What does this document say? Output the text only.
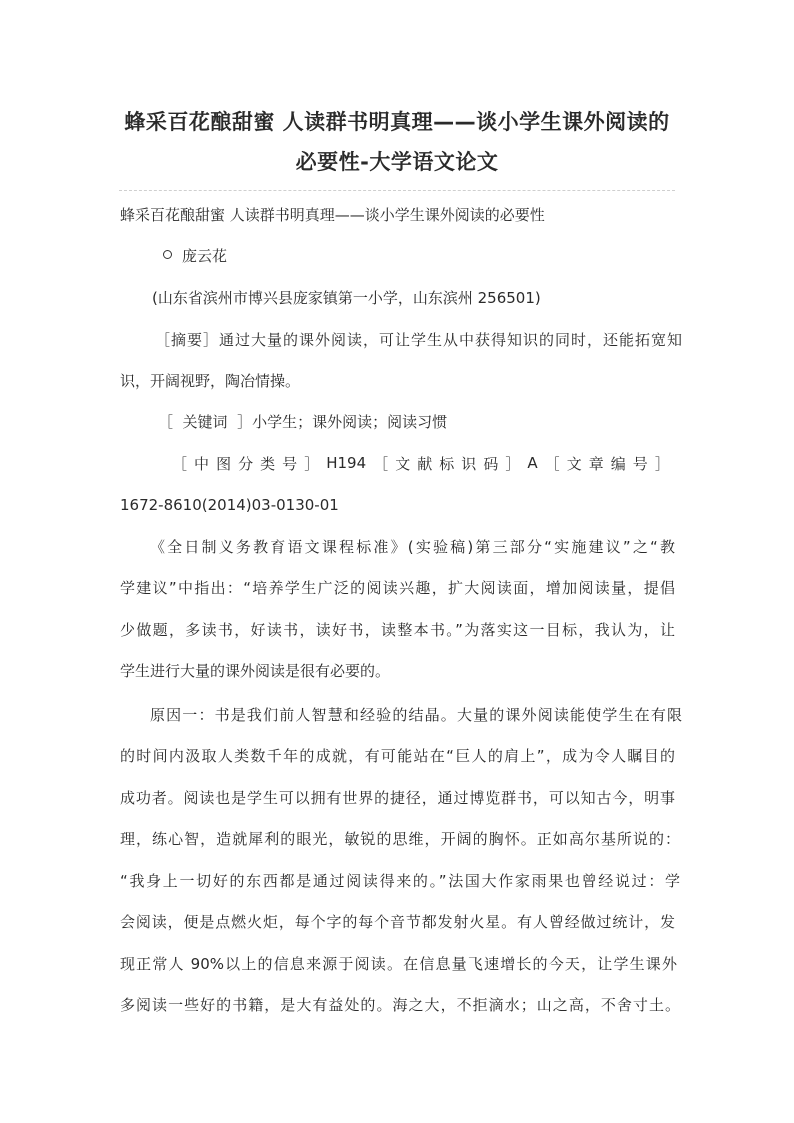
蜂采百花酿甜蜜 人读群书明真理——谈小学生课外阅读的
必要性-大学语文论文
蜂采百花酿甜蜜 人读群书明真理——谈小学生课外阅读的必要性
庞云花
(山东省滨州市博兴县庞家镇第一小学，山东滨州 256501)
［摘要］通过大量的课外阅读，可让学生从中获得知识的同时，还能拓宽知
识，开阔视野，陶冶情操。
［  关键词  ］小学生；课外阅读；阅读习惯
［ 中 图 分 类 号 ］ H194 ［ 文 献 标 识 码 ］ A ［ 文 章 编 号 ］
1672-8610(2014)03-0130-01
《全日制义务教育语文课程标准》(实验稿)第三部分“实施建议”之“教
学建议”中指出：“培养学生广泛的阅读兴趣，扩大阅读面，增加阅读量，提倡
少做题，多读书，好读书，读好书，读整本书。”为落实这一目标，我认为，让
学生进行大量的课外阅读是很有必要的。
原因一：书是我们前人智慧和经验的结晶。大量的课外阅读能使学生在有限
的时间内汲取人类数千年的成就，有可能站在“巨人的肩上”，成为令人瞩目的
成功者。阅读也是学生可以拥有世界的捷径，通过博览群书，可以知古今，明事
理，练心智，造就犀利的眼光，敏锐的思维，开阔的胸怀。正如高尔基所说的：
“我身上一切好的东西都是通过阅读得来的。”法国大作家雨果也曾经说过：学
会阅读，便是点燃火炬，每个字的每个音节都发射火星。有人曾经做过统计，发
现正常人 90%以上的信息来源于阅读。在信息量飞速增长的今天，让学生课外
多阅读一些好的书籍，是大有益处的。海之大，不拒滴水；山之高，不舍寸土。
